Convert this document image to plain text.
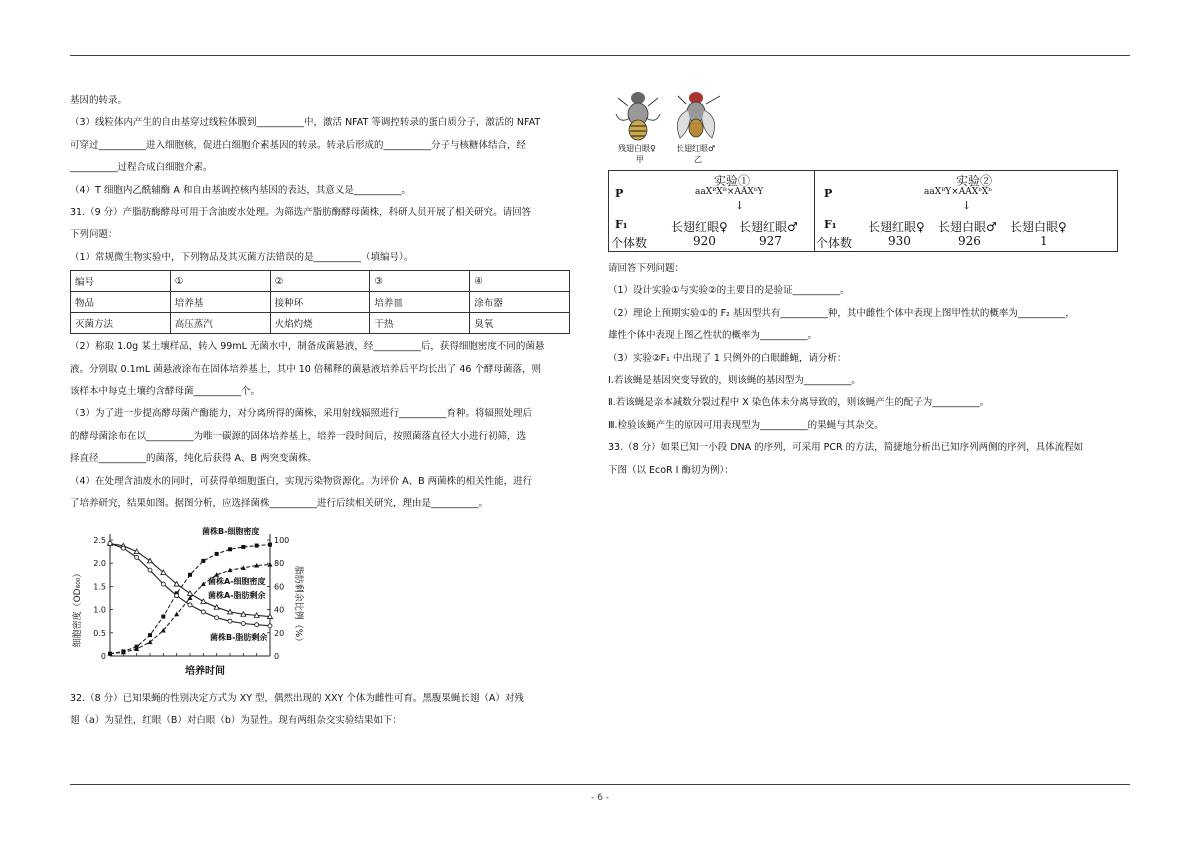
基因的转录。

（3）线粒体内产生的自由基穿过线粒体膜到__________中，激活 NFAT 等调控转录的蛋白质分子，激活的 NFAT

可穿过__________进入细胞核，促进白细胞介素基因的转录。转录后形成的__________分子与核糖体结合，经

__________过程合成白细胞介素。

（4）T 细胞内乙酰辅酶 A 和自由基调控核内基因的表达，其意义是__________。

31.（9 分）产脂肪酶酵母可用于含油废水处理。为筛选产脂肪酶酵母菌株，科研人员开展了相关研究。请回答

下列问题：

（1）常规微生物实验中，下列物品及其灭菌方法错误的是__________（填编号）。

编号	①	②	③	④
物品	培养基	接种环	培养皿	涂布器
灭菌方法	高压蒸汽	火焰灼烧	干热	臭氧

（2）称取 1.0g 某土壤样品，转入 99mL 无菌水中，制备成菌悬液，经__________后，获得细胞密度不同的菌悬

液。分别取 0.1mL 菌悬液涂布在固体培养基上，其中 10 倍稀释的菌悬液培养后平均长出了 46 个酵母菌落，则

该样本中每克土壤约含酵母菌__________个。

（3）为了进一步提高酵母菌产酶能力，对分离所得的菌株，采用射线辐照进行__________育种。将辐照处理后

的酵母菌涂布在以__________为唯一碳源的固体培养基上，培养一段时间后，按照菌落直径大小进行初筛，选

择直径__________的菌落，纯化后获得 A、B 两突变菌株。

（4）在处理含油废水的同时，可获得单细胞蛋白，实现污染物资源化。为评价 A、B 两菌株的相关性能，进行

了培养研究，结果如图。据图分析，应选择菌株__________进行后续相关研究，理由是__________。

2.5
2.0
1.5
1.0
0.5
0
100
80
60
40
20
0
细胞密度（OD₆₀₀）	脂肪剩余比例（%）
培养时间
菌株B-细胞密度
菌株A-细胞密度
菌株A-脂肪剩余
菌株B-脂肪剩余

32.（8 分）已知果蝇的性别决定方式为 XY 型，偶然出现的 XXY 个体为雌性可育。黑腹果蝇长翅（A）对残

翅（a）为显性，红眼（B）对白眼（b）为显性。现有两组杂交实验结果如下：

残翅白眼♀
甲
长翅红眼♂
乙
实验①
P	aaXᴮXᴮ×AAXᵇY
↓
F₁	长翅红眼♀ 长翅红眼♂
个体数	920	927
实验②
P	aaXᴮY×AAXᵇXᵇ
↓
F₁	长翅红眼♀ 长翅白眼♂ 长翅白眼♀
个体数	930	926	1

请回答下列问题：

（1）设计实验①与实验②的主要目的是验证__________。

（2）理论上预期实验①的 F₂ 基因型共有__________种，其中雌性个体中表现上图甲性状的概率为__________，

雄性个体中表现上图乙性状的概率为__________。

（3）实验②F₁ 中出现了 1 只例外的白眼雌蝇，请分析：

Ⅰ.若该蝇是基因突变导致的，则该蝇的基因型为__________。

Ⅱ.若该蝇是亲本减数分裂过程中 X 染色体未分离导致的，则该蝇产生的配子为__________。

Ⅲ.检验该蝇产生的原因可用表现型为__________的果蝇与其杂交。

33.（8 分）如果已知一小段 DNA 的序列，可采用 PCR 的方法，简捷地分析出已知序列两侧的序列，具体流程如

下图（以 EcoR Ⅰ 酶切为例）：

- 6 -
